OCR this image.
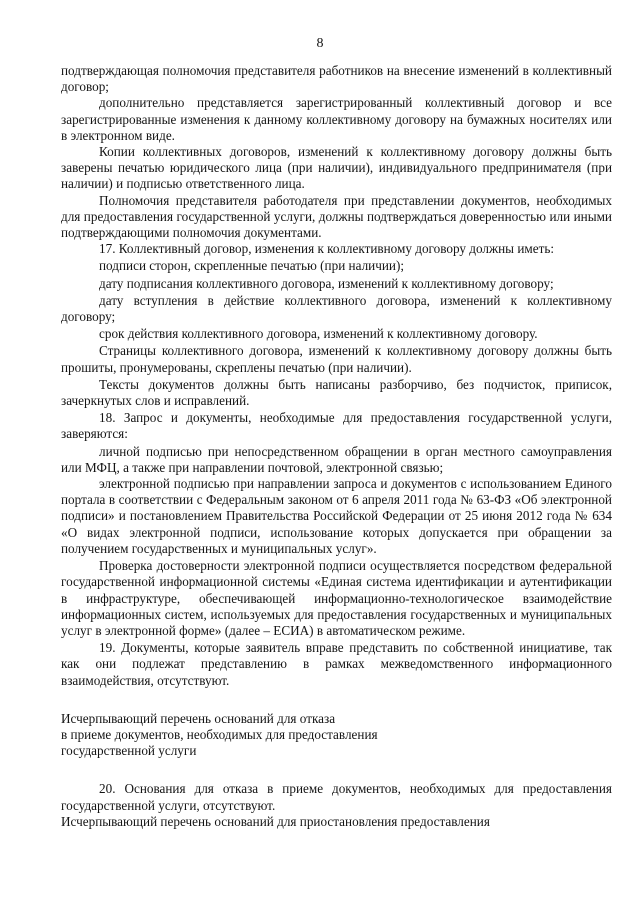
8

подтверждающая полномочия представителя работников на внесение изменений в коллективный договор;

дополнительно представляется зарегистрированный коллективный договор и все зарегистрированные изменения к данному коллективному договору на бумажных носителях или в электронном виде.

Копии коллективных договоров, изменений к коллективному договору должны быть заверены печатью юридического лица (при наличии), индивидуального предпринимателя (при наличии) и подписью ответственного лица.

Полномочия представителя работодателя при представлении документов, необходимых для предоставления государственной услуги, должны подтверждаться доверенностью или иными подтверждающими полномочия документами.

17. Коллективный договор, изменения к коллективному договору должны иметь:

подписи сторон, скрепленные печатью (при наличии);

дату подписания коллективного договора, изменений к коллективному договору;

дату вступления в действие коллективного договора, изменений к коллективному договору;

срок действия коллективного договора, изменений к коллективному договору.

Страницы коллективного договора, изменений к коллективному договору должны быть прошиты, пронумерованы, скреплены печатью (при наличии).

Тексты документов должны быть написаны разборчиво, без подчисток, приписок, зачеркнутых слов и исправлений.

18. Запрос и документы, необходимые для предоставления государственной услуги, заверяются:

личной подписью при непосредственном обращении в орган местного самоуправления или МФЦ, а также при направлении почтовой, электронной связью;

электронной подписью при направлении запроса и документов с использованием Единого портала в соответствии с Федеральным законом от 6 апреля 2011 года № 63-ФЗ «Об электронной подписи» и постановлением Правительства Российской Федерации от 25 июня 2012 года № 634 «О видах электронной подписи, использование которых допускается при обращении за получением государственных и муниципальных услуг».

Проверка достоверности электронной подписи осуществляется посредством федеральной государственной информационной системы «Единая система идентификации и аутентификации в инфраструктуре, обеспечивающей информационно-технологическое взаимодействие информационных систем, используемых для предоставления государственных и муниципальных услуг в электронной форме» (далее – ЕСИА) в автоматическом режиме.

19. Документы, которые заявитель вправе представить по собственной инициативе, так как они подлежат представлению в рамках межведомственного информационного взаимодействия, отсутствуют.

Исчерпывающий перечень оснований для отказа

в приеме документов, необходимых для предоставления

государственной услуги

20. Основания для отказа в приеме документов, необходимых для предоставления государственной услуги, отсутствуют.

Исчерпывающий перечень оснований для приостановления предоставления
